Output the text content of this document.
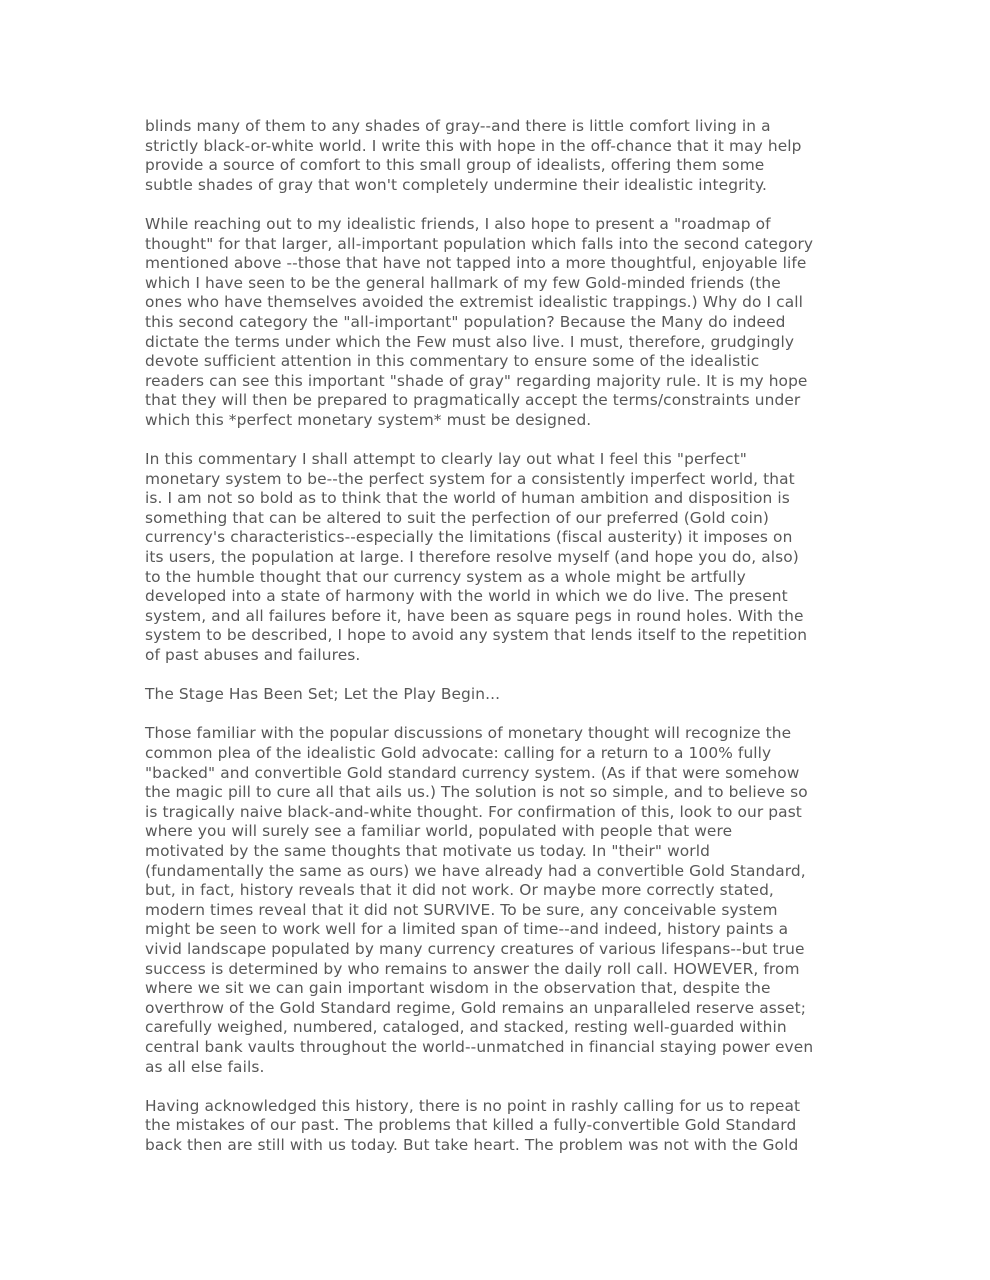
blinds many of them to any shades of gray--and there is little comfort living in a
strictly black-or-white world. I write this with hope in the off-chance that it may help
provide a source of comfort to this small group of idealists, offering them some
subtle shades of gray that won't completely undermine their idealistic integrity.

While reaching out to my idealistic friends, I also hope to present a "roadmap of
thought" for that larger, all-important population which falls into the second category
mentioned above --those that have not tapped into a more thoughtful, enjoyable life
which I have seen to be the general hallmark of my few Gold-minded friends (the
ones who have themselves avoided the extremist idealistic trappings.) Why do I call
this second category the "all-important" population? Because the Many do indeed
dictate the terms under which the Few must also live. I must, therefore, grudgingly
devote sufficient attention in this commentary to ensure some of the idealistic
readers can see this important "shade of gray" regarding majority rule. It is my hope
that they will then be prepared to pragmatically accept the terms/constraints under
which this *perfect monetary system* must be designed.

In this commentary I shall attempt to clearly lay out what I feel this "perfect"
monetary system to be--the perfect system for a consistently imperfect world, that
is. I am not so bold as to think that the world of human ambition and disposition is
something that can be altered to suit the perfection of our preferred (Gold coin)
currency's characteristics--especially the limitations (fiscal austerity) it imposes on
its users, the population at large. I therefore resolve myself (and hope you do, also)
to the humble thought that our currency system as a whole might be artfully
developed into a state of harmony with the world in which we do live. The present
system, and all failures before it, have been as square pegs in round holes. With the
system to be described, I hope to avoid any system that lends itself to the repetition
of past abuses and failures.

The Stage Has Been Set; Let the Play Begin...

Those familiar with the popular discussions of monetary thought will recognize the
common plea of the idealistic Gold advocate: calling for a return to a 100% fully
"backed" and convertible Gold standard currency system. (As if that were somehow
the magic pill to cure all that ails us.) The solution is not so simple, and to believe so
is tragically naive black-and-white thought. For confirmation of this, look to our past
where you will surely see a familiar world, populated with people that were
motivated by the same thoughts that motivate us today. In "their" world
(fundamentally the same as ours) we have already had a convertible Gold Standard,
but, in fact, history reveals that it did not work. Or maybe more correctly stated,
modern times reveal that it did not SURVIVE. To be sure, any conceivable system
might be seen to work well for a limited span of time--and indeed, history paints a
vivid landscape populated by many currency creatures of various lifespans--but true
success is determined by who remains to answer the daily roll call. HOWEVER, from
where we sit we can gain important wisdom in the observation that, despite the
overthrow of the Gold Standard regime, Gold remains an unparalleled reserve asset;
carefully weighed, numbered, cataloged, and stacked, resting well-guarded within
central bank vaults throughout the world--unmatched in financial staying power even
as all else fails.

Having acknowledged this history, there is no point in rashly calling for us to repeat
the mistakes of our past. The problems that killed a fully-convertible Gold Standard
back then are still with us today. But take heart. The problem was not with the Gold
